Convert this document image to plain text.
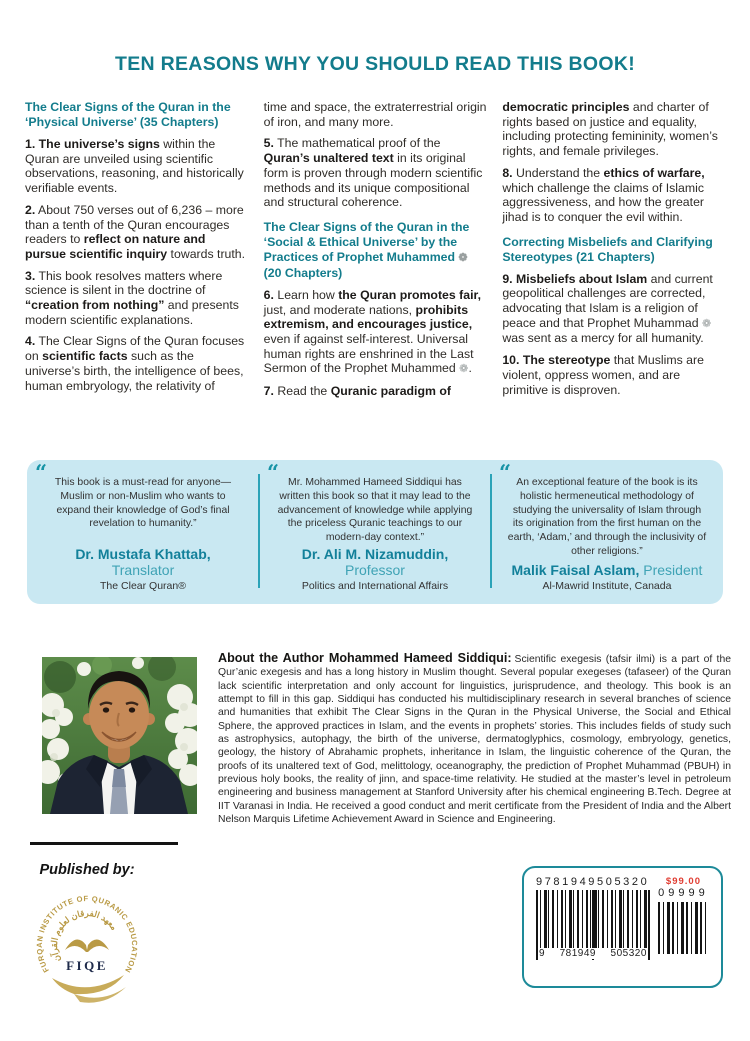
TEN REASONS WHY YOU SHOULD READ THIS BOOK!
The Clear Signs of the Quran in the ‘Physical Universe’ (35 Chapters)
1. The universe’s signs within the Quran are unveiled using scientific observations, reasoning, and historically verifiable events.
2. About 750 verses out of 6,236 – more than a tenth of the Quran encourages readers to reflect on nature and pursue scientific inquiry towards truth.
3. This book resolves matters where science is silent in the doctrine of “creation from nothing” and presents modern scientific explanations.
4. The Clear Signs of the Quran focuses on scientific facts such as the universe’s birth, the intelligence of bees, human embryology, the relativity of
time and space, the extraterrestrial origin of iron, and many more.
5. The mathematical proof of the Quran’s unaltered text in its original form is proven through modern scientific methods and its unique compositional and structural coherence.
The Clear Signs of the Quran in the ‘Social & Ethical Universe’ by the Practices of Prophet Muhammed ❁ (20 Chapters)
6. Learn how the Quran promotes fair, just, and moderate nations, prohibits extremism, and encourages justice, even if against self-interest. Universal human rights are enshrined in the Last Sermon of the Prophet Muhammed ❁.
7. Read the Quranic paradigm of
democratic principles and charter of rights based on justice and equality, including protecting femininity, women’s rights, and female privileges.
8. Understand the ethics of warfare, which challenge the claims of Islamic aggressiveness, and how the greater jihad is to conquer the evil within.
Correcting Misbeliefs and Clarifying Stereotypes (21 Chapters)
9. Misbeliefs about Islam and current geopolitical challenges are corrected, advocating that Islam is a religion of peace and that Prophet Muhammad ❁ was sent as a mercy for all humanity.
10. The stereotype that Muslims are violent, oppress women, and are primitive is disproven.
“ This book is a must-read for anyone—Muslim or non-Muslim who wants to expand their knowledge of God’s final revelation to humanity.”
Dr. Mustafa Khattab, Translator
The Clear Quran®
“ Mr. Mohammed Hameed Siddiqui has written this book so that it may lead to the advancement of knowledge while applying the priceless Quranic teachings to our modern-day context.”
Dr. Ali M. Nizamuddin, Professor
Politics and International Affairs
“ An exceptional feature of the book is its holistic hermeneutical methodology of studying the universality of Islam through its origination from the first human on the earth, ‘Adam,’ and through the inclusivity of other religions.”
Malik Faisal Aslam, President
Al-Mawrid Institute, Canada

About the Author Mohammed Hameed Siddiqui: Scientific exegesis (tafsir ilmi) is a part of the Qur’anic exegesis and has a long history in Muslim thought. Several popular exegeses (tafaseer) of the Quran lack scientific interpretation and only account for linguistics, jurisprudence, and theology. This book is an attempt to fill in this gap. Siddiqui has conducted his multidisciplinary research in several branches of science and humanities that exhibit The Clear Signs in the Quran in the Physical Universe, the Social and Ethical Sphere, the approved practices in Islam, and the events in prophets’ stories. This includes fields of study such as astrophysics, autophagy, the birth of the universe, dermatoglyphics, cosmology, embryology, genetics, geology, the history of Abrahamic prophets, inheritance in Islam, the linguistic coherence of the Quran, the proofs of its unaltered text of God, melittology, oceanography, the prediction of Prophet Muhammad (PBUH) in previous holy books, the reality of jinn, and space-time relativity. He studied at the master’s level in petroleum engineering and business management at Stanford University after his chemical engineering B.Tech. Degree at IIT Varanasi in India. He received a good conduct and merit certificate from the President of India and the Albert Nelson Marquis Lifetime Achievement Award in Science and Engineering.

Published by:
FURQAN INSTITUTE OF QURANIC EDUCATION
معهد الفرقان لعلوم القرآن
FIQE
9781949505320
9 781949 505320
$99.00
09999
